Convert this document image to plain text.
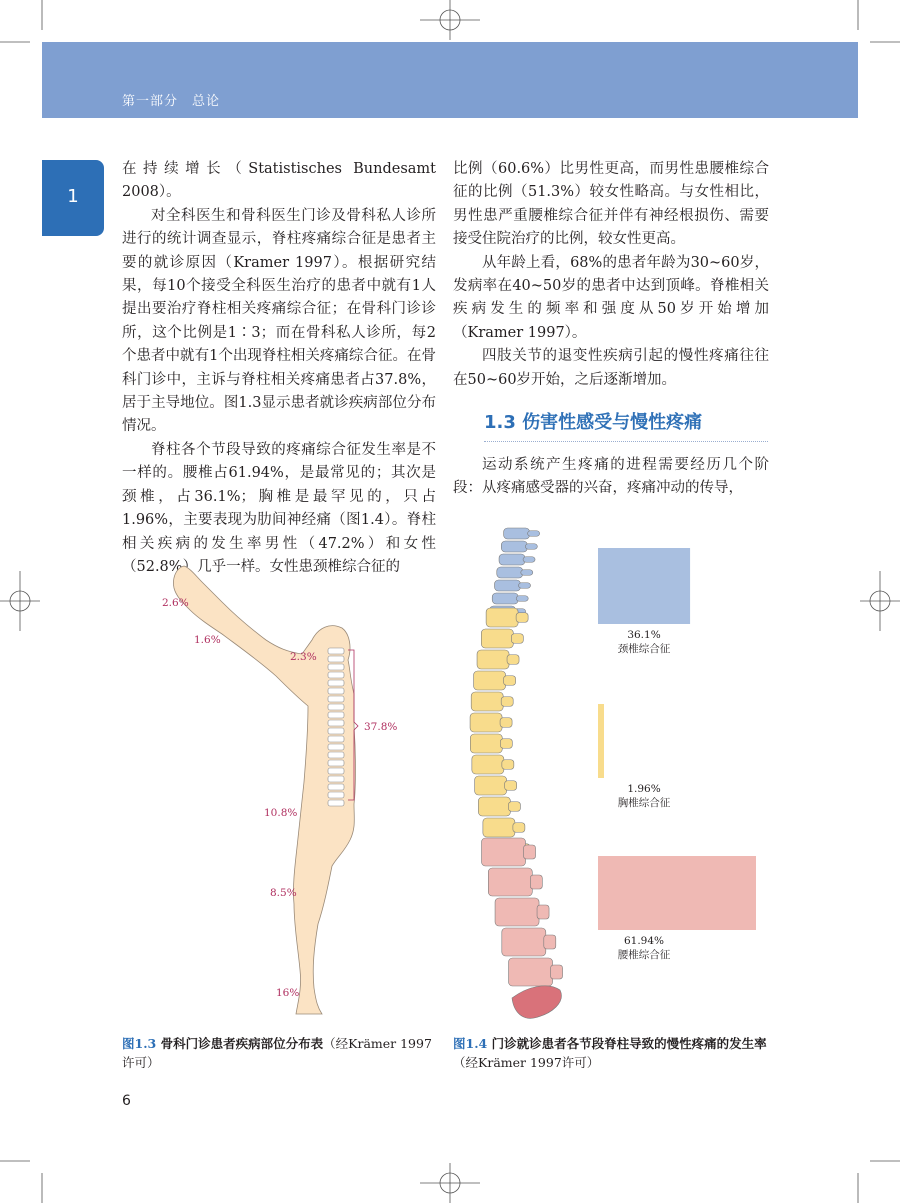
第一部分　总论
1

在持续增长（Statistisches Bundesamt 2008）。

对全科医生和骨科医生门诊及骨科私人诊所进行的统计调查显示，脊柱疼痛综合征是患者主要的就诊原因（Kramer 1997）。根据研究结果，每10个接受全科医生治疗的患者中就有1人提出要治疗脊柱相关疼痛综合征；在骨科门诊诊所，这个比例是1∶3；而在骨科私人诊所，每2个患者中就有1个出现脊柱相关疼痛综合征。在骨科门诊中，主诉与脊柱相关疼痛患者占37.8%，居于主导地位。图1.3显示患者就诊疾病部位分布情况。

脊柱各个节段导致的疼痛综合征发生率是不一样的。腰椎占61.94%，是最常见的；其次是颈椎，占36.1%；胸椎是最罕见的，只占1.96%，主要表现为肋间神经痛（图1.4）。脊柱相关疾病的发生率男性（47.2%）和女性（52.8%）几乎一样。女性患颈椎综合征的

比例（60.6%）比男性更高，而男性患腰椎综合征的比例（51.3%）较女性略高。与女性相比，男性患严重腰椎综合征并伴有神经根损伤、需要接受住院治疗的比例，较女性更高。

从年龄上看，68%的患者年龄为30~60岁，发病率在40~50岁的患者中达到顶峰。脊椎相关疾病发生的频率和强度从50岁开始增加（Kramer 1997）。

四肢关节的退变性疾病引起的慢性疼痛往往在50~60岁开始，之后逐渐增加。

1.3 伤害性感受与慢性疼痛

运动系统产生疼痛的进程需要经历几个阶段：从疼痛感受器的兴奋，疼痛冲动的传导，

2.6%
1.6%
2.3%
37.8%
10.8%
8.5%
16%
36.1%
颈椎综合征
1.96%
胸椎综合征
61.94%
腰椎综合征
图1.3 骨科门诊患者疾病部位分布表（经Krämer 1997许可）
图1.4 门诊就诊患者各节段脊柱导致的慢性疼痛的发生率（经Krämer 1997许可）
6
